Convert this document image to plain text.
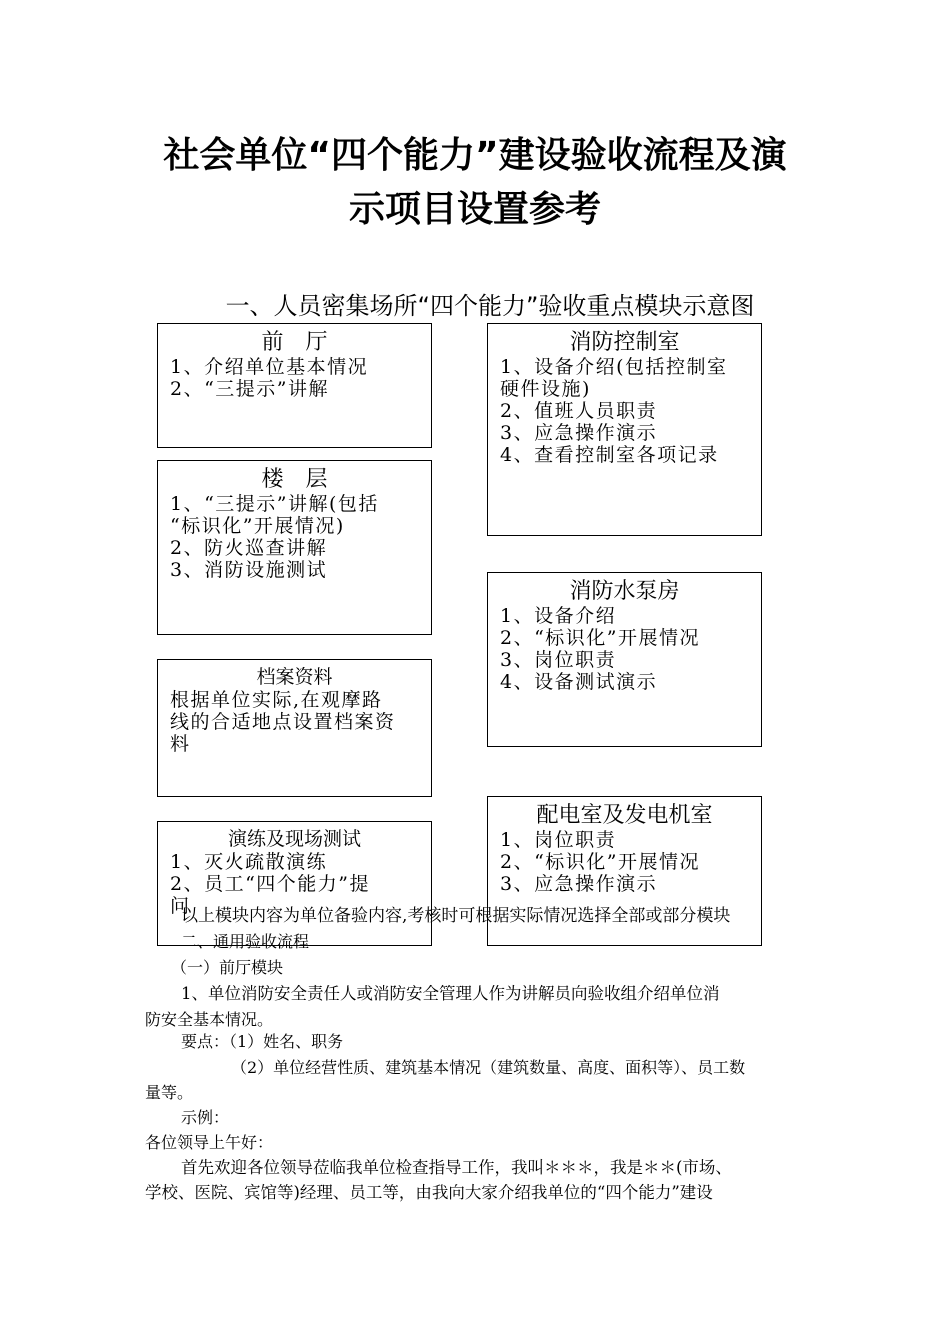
社会单位“四个能力”建设验收流程及演
示项目设置参考
一、人员密集场所“四个能力”验收重点模块示意图
前　厅
1、介绍单位基本情况
2、“三提示”讲解
楼　层
1、“三提示”讲解(包括
“标识化”开展情况)
2、防火巡查讲解
3、消防设施测试
档案资料
根据单位实际,在观摩路
线的合适地点设置档案资
料
演练及现场测试
1、灭火疏散演练
2、员工“四个能力”提
问
消防控制室
1、设备介绍(包括控制室
硬件设施)
2、值班人员职责
3、应急操作演示
4、查看控制室各项记录
消防水泵房
1、设备介绍
2、“标识化”开展情况
3、岗位职责
4、设备测试演示
配电室及发电机室
1、岗位职责
2、“标识化”开展情况
3、应急操作演示
以上模块内容为单位备验内容,考核时可根据实际情况选择全部或部分模块
二、通用验收流程
（一）前厅模块
1、单位消防安全责任人或消防安全管理人作为讲解员向验收组介绍单位消
防安全基本情况。
要点：（1）姓名、职务
（2）单位经营性质、建筑基本情况（建筑数量、高度、面积等）、员工数
量等。
示例：
各位领导上午好：
首先欢迎各位领导莅临我单位检查指导工作，我叫＊＊＊，我是＊＊(市场、
学校、医院、宾馆等)经理、员工等，由我向大家介绍我单位的“四个能力”建设
